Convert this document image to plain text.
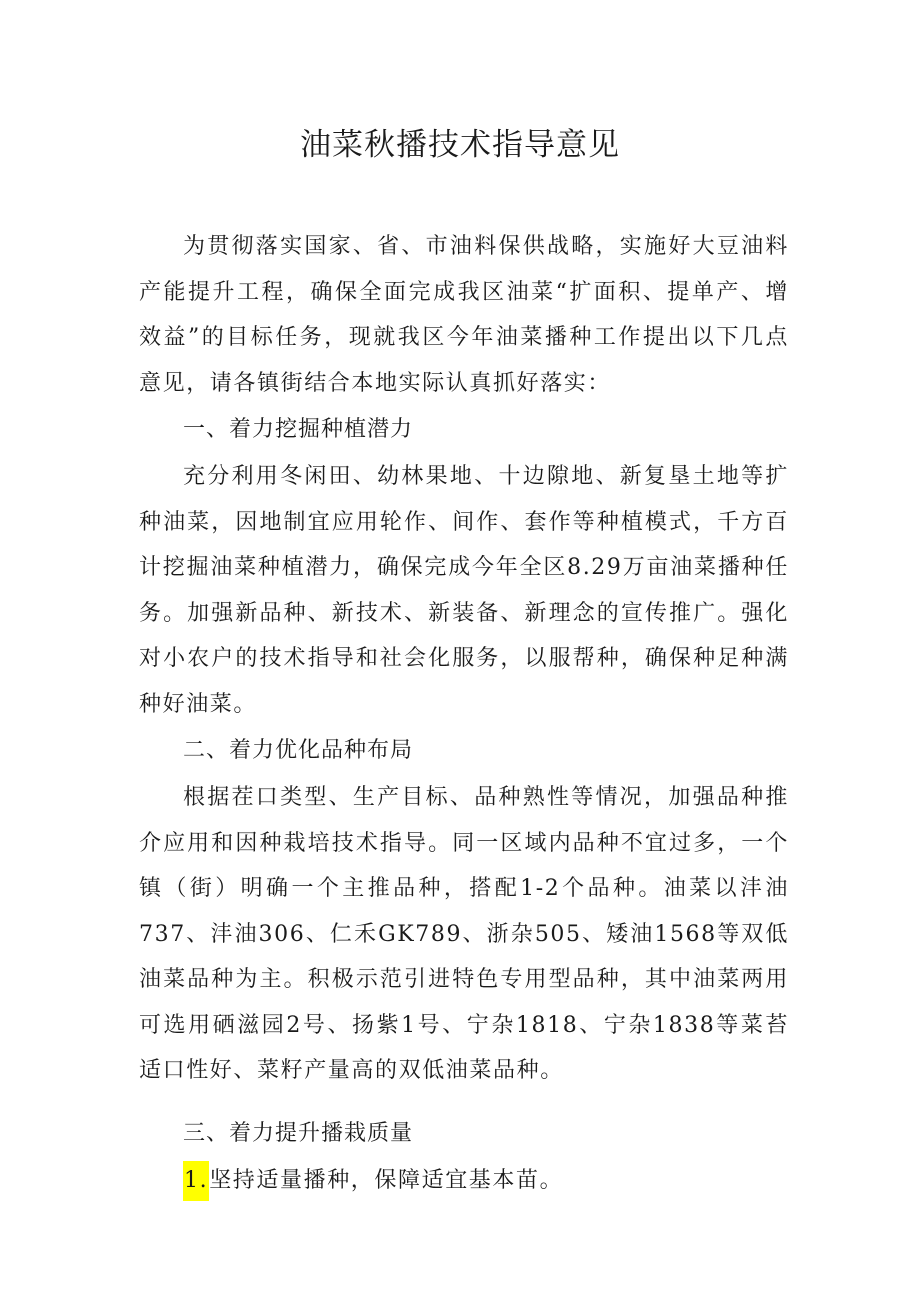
油菜秋播技术指导意见

为贯彻落实国家、省、市油料保供战略，实施好大豆油料产能提升工程，确保全面完成我区油菜“扩面积、提单产、增效益”的目标任务，现就我区今年油菜播种工作提出以下几点意见，请各镇街结合本地实际认真抓好落实：

一、着力挖掘种植潜力

充分利用冬闲田、幼林果地、十边隙地、新复垦土地等扩种油菜，因地制宜应用轮作、间作、套作等种植模式，千方百计挖掘油菜种植潜力，确保完成今年全区8.29万亩油菜播种任务。加强新品种、新技术、新装备、新理念的宣传推广。强化对小农户的技术指导和社会化服务，以服帮种，确保种足种满种好油菜。

二、着力优化品种布局

根据茬口类型、生产目标、品种熟性等情况，加强品种推介应用和因种栽培技术指导。同一区域内品种不宜过多，一个镇（街）明确一个主推品种，搭配1-2个品种。油菜以沣油737、沣油306、仁禾GK789、浙杂505、矮油1568等双低油菜品种为主。积极示范引进特色专用型品种，其中油菜两用可选用硒滋园2号、扬紫1号、宁杂1818、宁杂1838等菜苔适口性好、菜籽产量高的双低油菜品种。

三、着力提升播栽质量

1.坚持适量播种，保障适宜基本苗。
